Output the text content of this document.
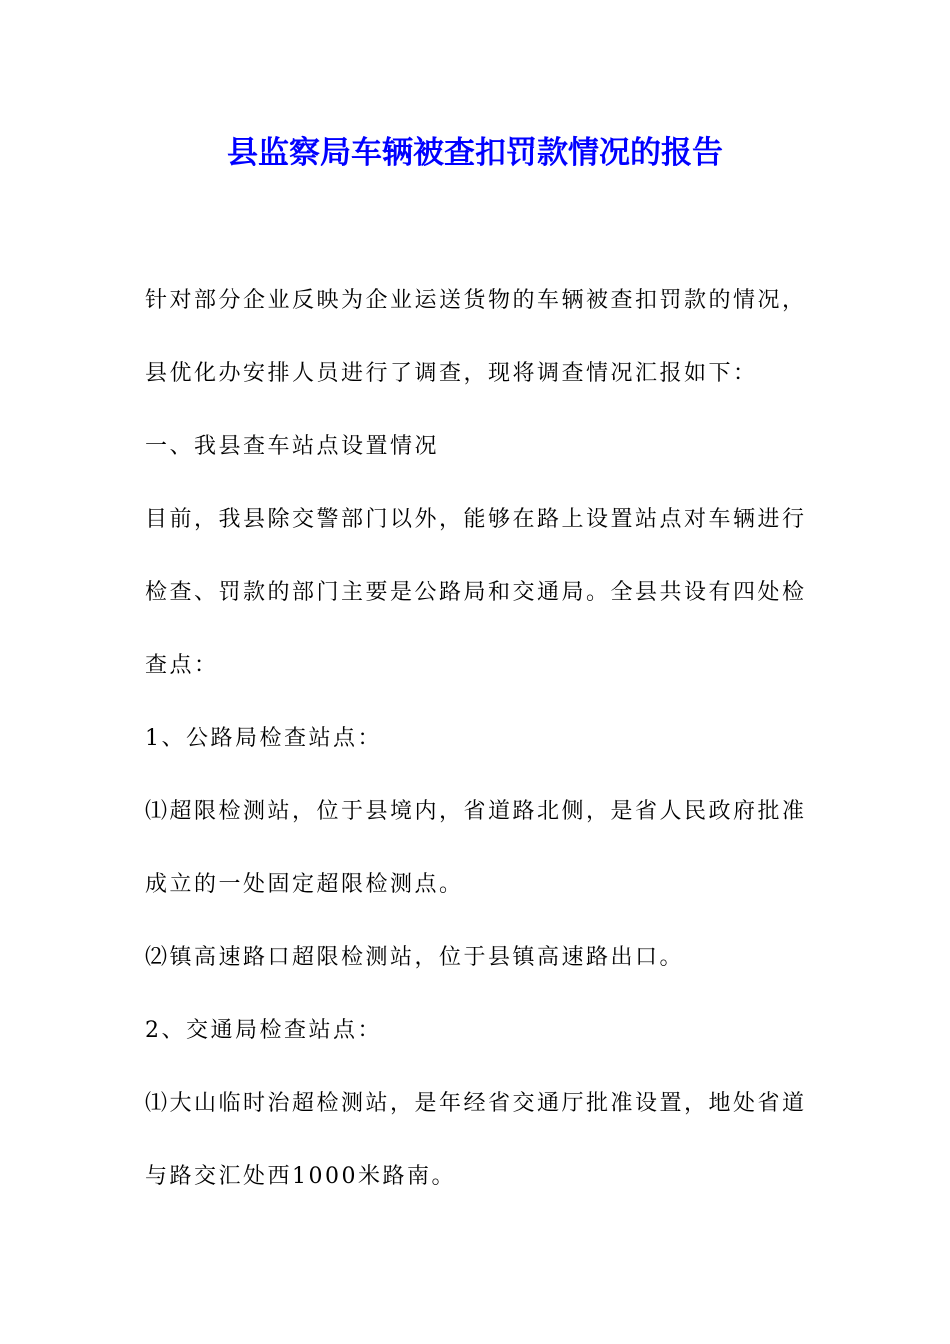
县监察局车辆被查扣罚款情况的报告

针对部分企业反映为企业运送货物的车辆被查扣罚款的情况，

县优化办安排人员进行了调查，现将调查情况汇报如下：

一、我县查车站点设置情况

目前，我县除交警部门以外，能够在路上设置站点对车辆进行

检查、罚款的部门主要是公路局和交通局。全县共设有四处检

查点：

1、公路局检查站点：

⑴超限检测站，位于县境内，省道路北侧，是省人民政府批准

成立的一处固定超限检测点。

⑵镇高速路口超限检测站，位于县镇高速路出口。

2、交通局检查站点：

⑴大山临时治超检测站，是年经省交通厅批准设置，地处省道

与路交汇处西1000米路南。
